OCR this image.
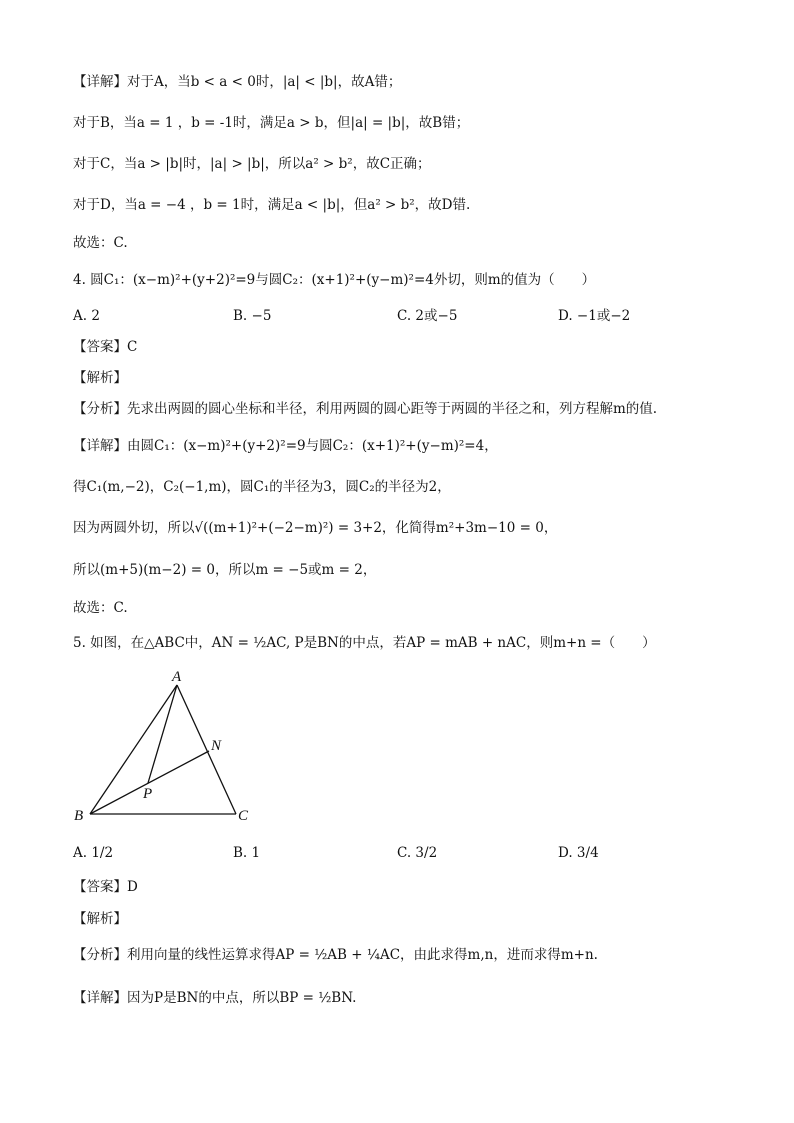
【详解】对于A，当b < a < 0时，|a| < |b|，故A错；
对于B，当a = 1 ，b = -1时，满足a > b，但|a| = |b|，故B错；
对于C，当a > |b|时，|a| > |b|，所以a² > b²，故C正确；
对于D，当a = −4 ，b = 1时，满足a < |b|，但a² > b²，故D错.
故选：C.
4. 圆C₁：(x−m)²+(y+2)²=9与圆C₂：(x+1)²+(y−m)²=4外切，则m的值为（　　）
A. 2	B. −5	C. 2或−5	D. −1或−2
【答案】C
【解析】
【分析】先求出两圆的圆心坐标和半径，利用两圆的圆心距等于两圆的半径之和，列方程解m的值.
【详解】由圆C₁：(x−m)²+(y+2)²=9与圆C₂：(x+1)²+(y−m)²=4，
得C₁(m,−2)，C₂(−1,m)，圆C₁的半径为3，圆C₂的半径为2，
因为两圆外切，所以√((m+1)²+(−2−m)²) = 3+2，化简得m²+3m−10 = 0，
所以(m+5)(m−2) = 0，所以m = −5或m = 2，
故选：C.
5. 如图，在△ABC中，AN = ½AC, P是BN的中点，若AP = mAB + nAC，则m+n =（　　）
A
B	C
N
P
A. 1/2	B. 1	C. 3/2	D. 3/4
【答案】D
【解析】
【分析】利用向量的线性运算求得AP = ½AB + ¼AC，由此求得m,n，进而求得m+n.
【详解】因为P是BN的中点，所以BP = ½BN.
